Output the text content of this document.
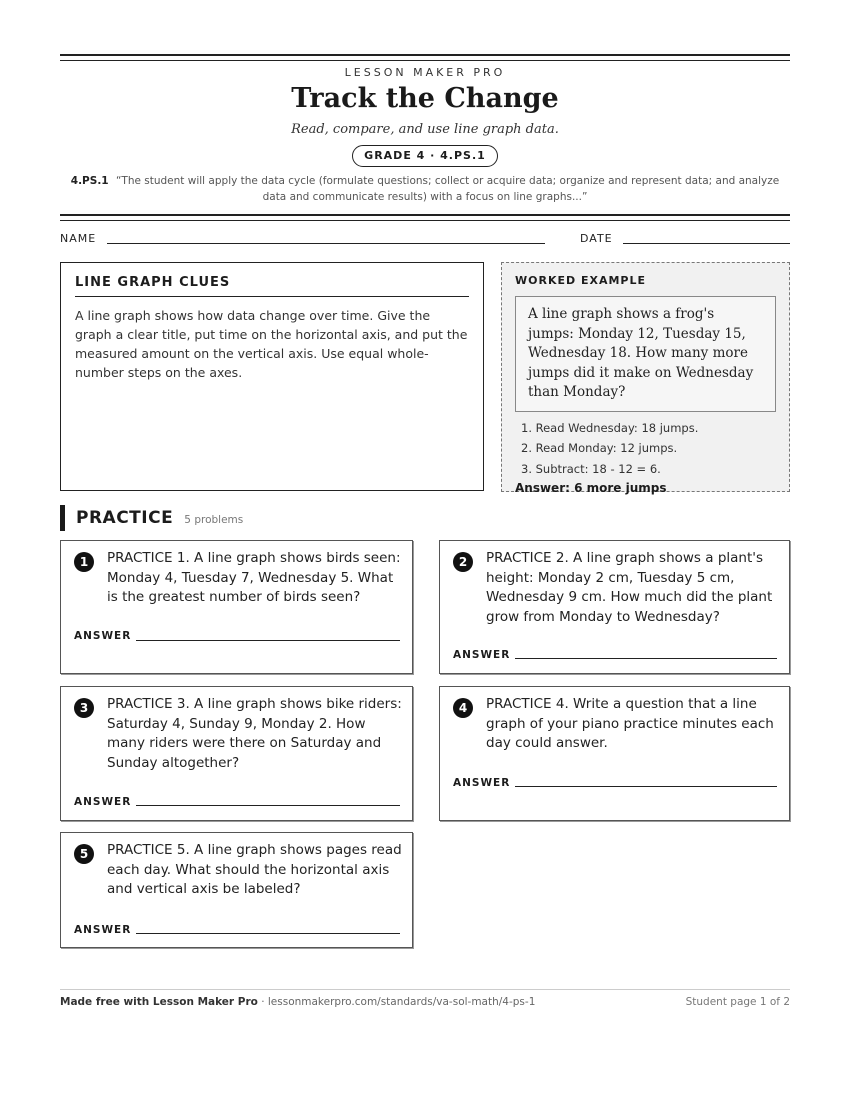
LESSON MAKER PRO
Track the Change
Read, compare, and use line graph data.
GRADE 4 · 4.PS.1
4.PS.1 “The student will apply the data cycle (formulate questions; collect or acquire data; organize and represent data; and analyze data and communicate results) with a focus on line graphs...”
NAME	DATE
LINE GRAPH CLUES
A line graph shows how data change over time. Give the graph a clear title, put time on the horizontal axis, and put the measured amount on the vertical axis. Use equal whole-number steps on the axes.
WORKED EXAMPLE
A line graph shows a frog's jumps: Monday 12, Tuesday 15, Wednesday 18. How many more jumps did it make on Wednesday than Monday?
1. Read Wednesday: 18 jumps.
2. Read Monday: 12 jumps.
3. Subtract: 18 - 12 = 6.
Answer: 6 more jumps
PRACTICE 5 problems
1	PRACTICE 1. A line graph shows birds seen: Monday 4, Tuesday 7, Wednesday 5. What is the greatest number of birds seen?
ANSWER
2	PRACTICE 2. A line graph shows a plant's height: Monday 2 cm, Tuesday 5 cm, Wednesday 9 cm. How much did the plant grow from Monday to Wednesday?
ANSWER
3	PRACTICE 3. A line graph shows bike riders: Saturday 4, Sunday 9, Monday 2. How many riders were there on Saturday and Sunday altogether?
ANSWER
4	PRACTICE 4. Write a question that a line graph of your piano practice minutes each day could answer.
ANSWER
5	PRACTICE 5. A line graph shows pages read each day. What should the horizontal axis and vertical axis be labeled?
ANSWER
Made free with Lesson Maker Pro · lessonmakerpro.com/standards/va-sol-math/4-ps-1	Student page 1 of 2
